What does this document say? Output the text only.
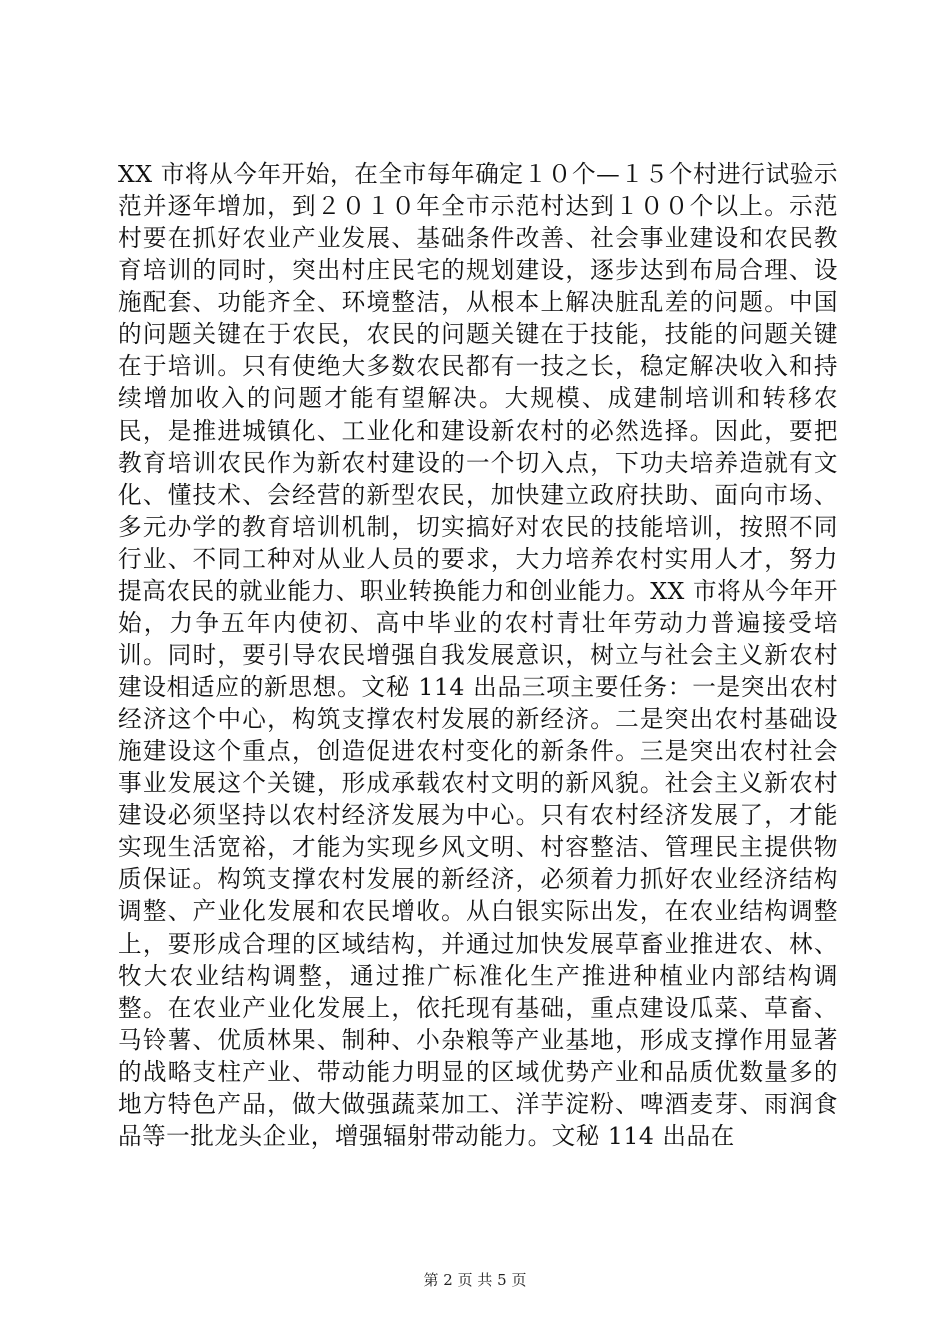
XX 市将从今年开始，在全市每年确定１０个—１５个村进行试验示范并逐年增加，到２０１０年全市示范村达到１００个以上。示范村要在抓好农业产业发展、基础条件改善、社会事业建设和农民教育培训的同时，突出村庄民宅的规划建设，逐步达到布局合理、设施配套、功能齐全、环境整洁，从根本上解决脏乱差的问题。中国的问题关键在于农民，农民的问题关键在于技能，技能的问题关键在于培训。只有使绝大多数农民都有一技之长，稳定解决收入和持续增加收入的问题才能有望解决。大规模、成建制培训和转移农民，是推进城镇化、工业化和建设新农村的必然选择。因此，要把教育培训农民作为新农村建设的一个切入点，下功夫培养造就有文化、懂技术、会经营的新型农民，加快建立政府扶助、面向市场、多元办学的教育培训机制，切实搞好对农民的技能培训，按照不同行业、不同工种对从业人员的要求，大力培养农村实用人才，努力提高农民的就业能力、职业转换能力和创业能力。XX 市将从今年开始，力争五年内使初、高中毕业的农村青壮年劳动力普遍接受培训。同时，要引导农民增强自我发展意识，树立与社会主义新农村建设相适应的新思想。文秘 114 出品三项主要任务：一是突出农村经济这个中心，构筑支撑农村发展的新经济。二是突出农村基础设施建设这个重点，创造促进农村变化的新条件。三是突出农村社会事业发展这个关键，形成承载农村文明的新风貌。社会主义新农村建设必须坚持以农村经济发展为中心。只有农村经济发展了，才能实现生活宽裕，才能为实现乡风文明、村容整洁、管理民主提供物质保证。构筑支撑农村发展的新经济，必须着力抓好农业经济结构调整、产业化发展和农民增收。从白银实际出发，在农业结构调整上，要形成合理的区域结构，并通过加快发展草畜业推进农、林、牧大农业结构调整，通过推广标准化生产推进种植业内部结构调整。在农业产业化发展上，依托现有基础，重点建设瓜菜、草畜、马铃薯、优质林果、制种、小杂粮等产业基地，形成支撑作用显著的战略支柱产业、带动能力明显的区域优势产业和品质优数量多的地方特色产品，做大做强蔬菜加工、洋芋淀粉、啤酒麦芽、雨润食品等一批龙头企业，增强辐射带动能力。文秘 114 出品在

第 2 页 共 5 页
